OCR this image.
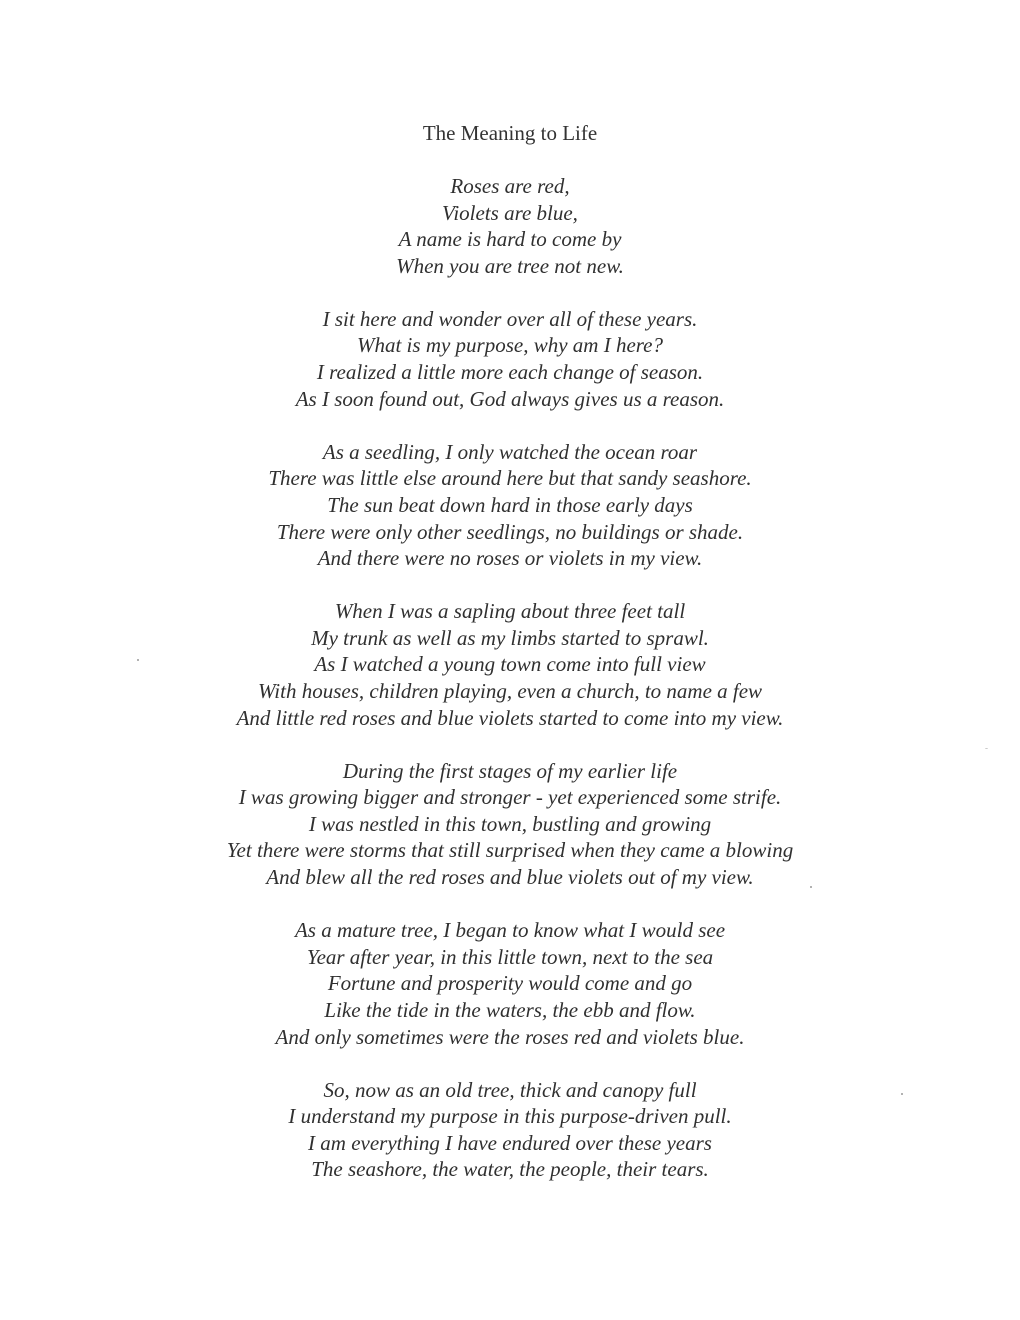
The Meaning to Life
Roses are red,
Violets are blue,
A name is hard to come by
When you are tree not new.
I sit here and wonder over all of these years.
What is my purpose, why am I here?
I realized a little more each change of season.
As I soon found out, God always gives us a reason.
As a seedling, I only watched the ocean roar
There was little else around here but that sandy seashore.
The sun beat down hard in those early days
There were only other seedlings, no buildings or shade.
And there were no roses or violets in my view.
When I was a sapling about three feet tall
My trunk as well as my limbs started to sprawl.
As I watched a young town come into full view
With houses, children playing, even a church, to name a few
And little red roses and blue violets started to come into my view.
During the first stages of my earlier life
I was growing bigger and stronger - yet experienced some strife.
I was nestled in this town, bustling and growing
Yet there were storms that still surprised when they came a blowing
And blew all the red roses and blue violets out of my view.
As a mature tree, I began to know what I would see
Year after year, in this little town, next to the sea
Fortune and prosperity would come and go
Like the tide in the waters, the ebb and flow.
And only sometimes were the roses red and violets blue.
So, now as an old tree, thick and canopy full
I understand my purpose in this purpose-driven pull.
I am everything I have endured over these years
The seashore, the water, the people, their tears.
